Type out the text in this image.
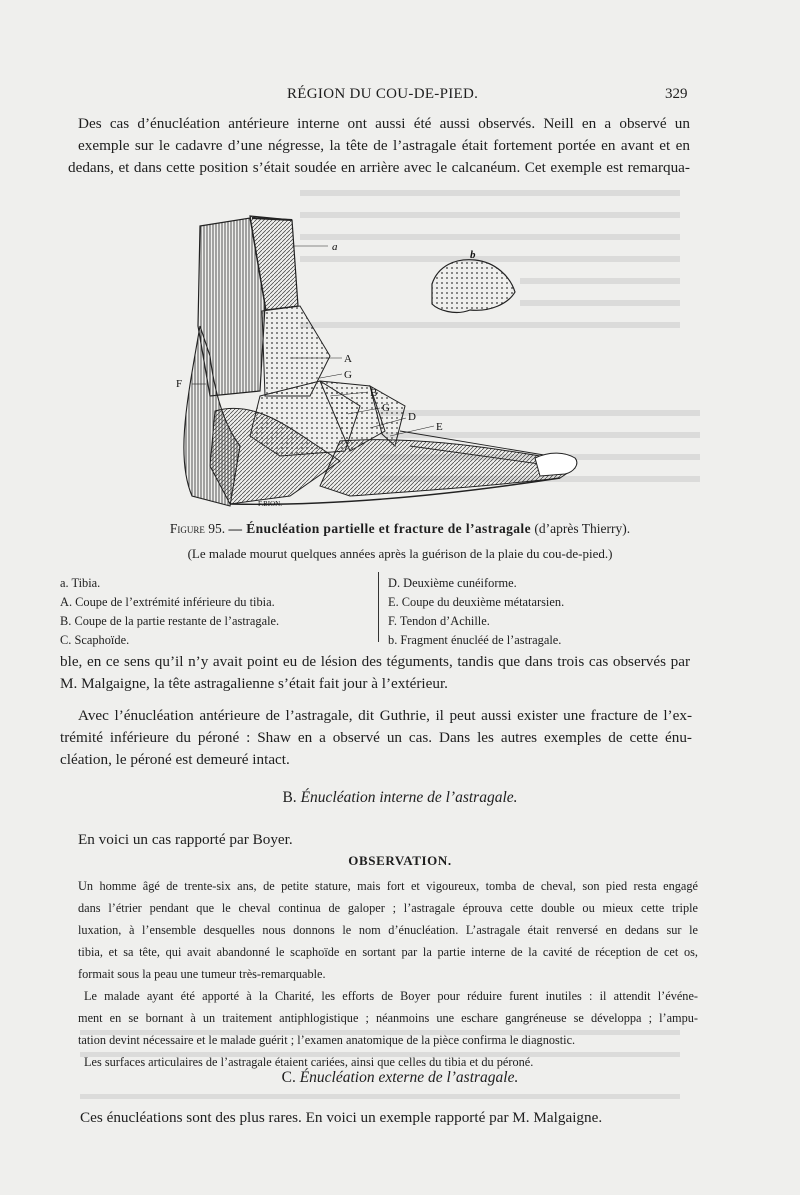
RÉGION DU COU-DE-PIED.	329
Des cas d’énucléation antérieure interne ont aussi été aussi observés. Neill en a observé un
exemple sur le cadavre d’une négresse, la tête de l’astragale était fortement portée en avant et en
dedans, et dans cette position s’était soudée en arrière avec le calcanéum. Cet exemple est remarqua-
a
b
A
G
B
G
D
E
F
F.BION.
Figure 95. — Énucléation partielle et fracture de l’astragale (d’après Thierry).
(Le malade mourut quelques années après la guérison de la plaie du cou-de-pied.)
a. Tibia.
A. Coupe de l’extrémité inférieure du tibia.
B. Coupe de la partie restante de l’astragale.
C. Scaphoïde.
D. Deuxième cunéiforme.
E. Coupe du deuxième métatarsien.
F. Tendon d’Achille.
b. Fragment énucléé de l’astragale.
ble, en ce sens qu’il n’y avait point eu de lésion des téguments, tandis que dans trois cas observés par
M. Malgaigne, la tête astragalienne s’était fait jour à l’extérieur.
Avec l’énucléation antérieure de l’astragale, dit Guthrie, il peut aussi exister une fracture de l’ex-
trémité inférieure du péroné : Shaw en a observé un cas. Dans les autres exemples de cette énu-
cléation, le péroné est demeuré intact.
B. Énucléation interne de l’astragale.
En voici un cas rapporté par Boyer.
OBSERVATION.
Un homme âgé de trente-six ans, de petite stature, mais fort et vigoureux, tomba de cheval, son pied resta engagé
dans l’étrier pendant que le cheval continua de galoper ; l’astragale éprouva cette double ou mieux cette triple
luxation, à l’ensemble desquelles nous donnons le nom d’énucléation. L’astragale était renversé en dedans sur le
tibia, et sa tête, qui avait abandonné le scaphoïde en sortant par la partie interne de la cavité de réception de cet os,
formait sous la peau une tumeur très-remarquable.
Le malade ayant été apporté à la Charité, les efforts de Boyer pour réduire furent inutiles : il attendit l’événe-
ment en se bornant à un traitement antiphlogistique ; néanmoins une eschare gangréneuse se développa ; l’ampu-
tation devint nécessaire et le malade guérit ; l’examen anatomique de la pièce confirma le diagnostic.
Les surfaces articulaires de l’astragale étaient cariées, ainsi que celles du tibia et du péroné.
C. Énucléation externe de l’astragale.
Ces énucléations sont des plus rares. En voici un exemple rapporté par M. Malgaigne.
